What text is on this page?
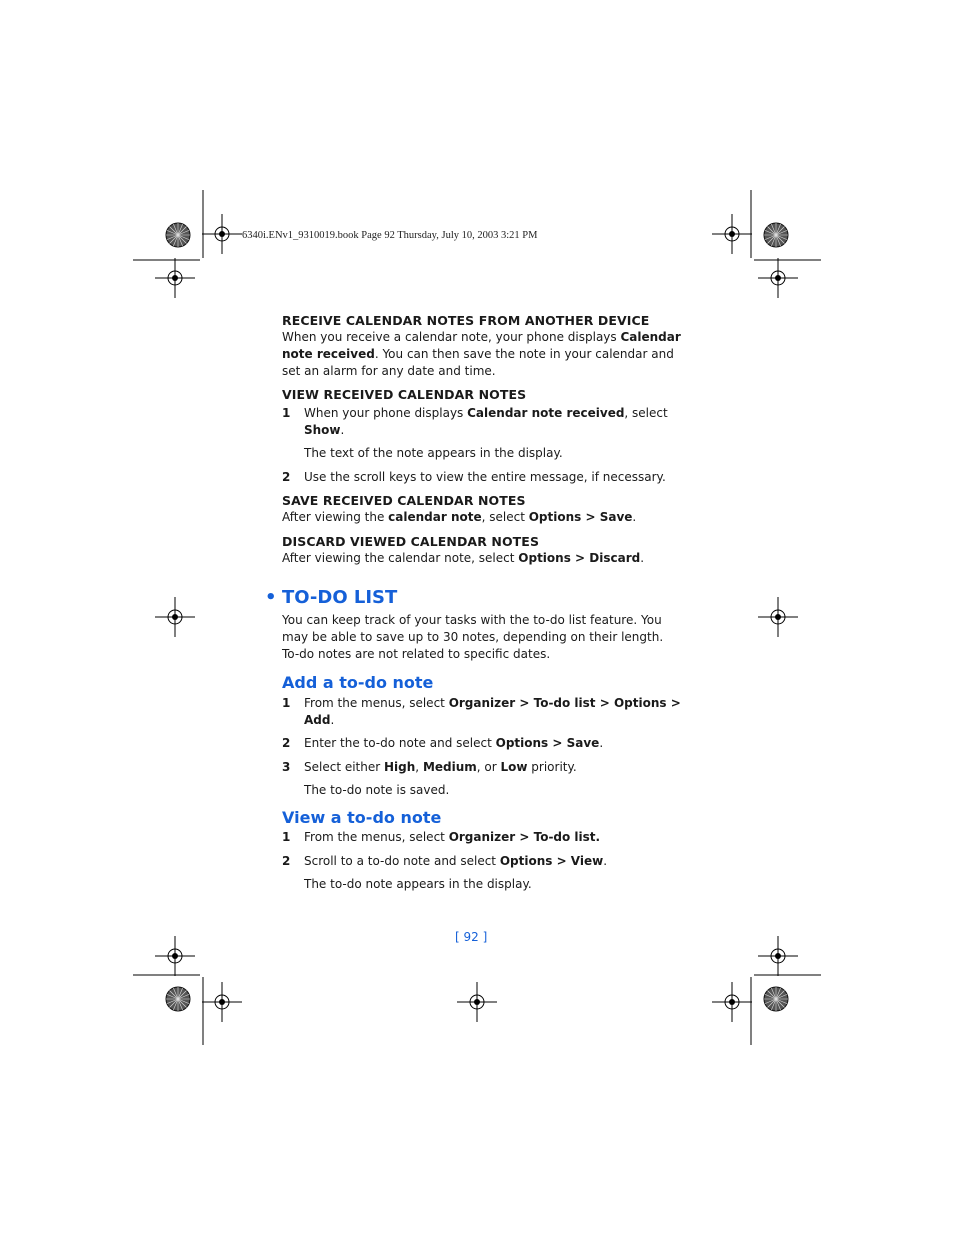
6340i.ENv1_9310019.book Page 92 Thursday, July 10, 2003 3:21 PM
RECEIVE CALENDAR NOTES FROM ANOTHER DEVICE

When you receive a calendar note, your phone displays Calendar note received. You can then save the note in your calendar and set an alarm for any date and time.

VIEW RECEIVED CALENDAR NOTES
1 When your phone displays Calendar note received, select Show.
The text of the note appears in the display.
2 Use the scroll keys to view the entire message, if necessary.
SAVE RECEIVED CALENDAR NOTES

After viewing the calendar note, select Options > Save.

DISCARD VIEWED CALENDAR NOTES

After viewing the calendar note, select Options > Discard.

• TO-DO LIST

You can keep track of your tasks with the to-do list feature. You may be able to save up to 30 notes, depending on their length. To-do notes are not related to specific dates.

Add a to-do note
1 From the menus, select Organizer > To-do list > Options > Add.
2 Enter the to-do note and select Options > Save.
3 Select either High, Medium, or Low priority.
The to-do note is saved.
View a to-do note
1 From the menus, select Organizer > To-do list.
2 Scroll to a to-do note and select Options > View.
The to-do note appears in the display.
[ 92 ]
